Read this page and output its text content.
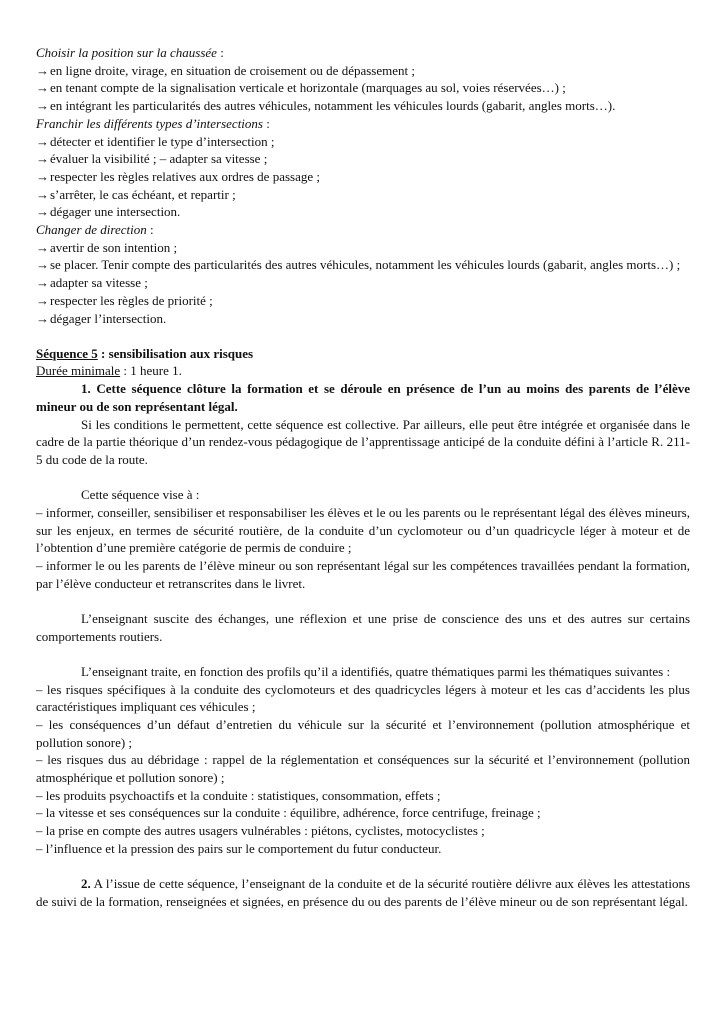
Choisir la position sur la chaussée :

→en ligne droite, virage, en situation de croisement ou de dépassement ;

→en tenant compte de la signalisation verticale et horizontale (marquages au sol, voies réservées…) ;

→en intégrant les particularités des autres véhicules, notamment les véhicules lourds (gabarit, angles morts…).

Franchir les différents types d’intersections :

→détecter et identifier le type d’intersection ;

→évaluer la visibilité ; – adapter sa vitesse ;

→respecter les règles relatives aux ordres de passage ;

→s’arrêter, le cas échéant, et repartir ;

→dégager une intersection.

Changer de direction :

→avertir de son intention ;

→se placer. Tenir compte des particularités des autres véhicules, notamment les véhicules lourds (gabarit, angles morts…) ;

→adapter sa vitesse ;

→respecter les règles de priorité ;

→dégager l’intersection.

Séquence 5 : sensibilisation aux risques

Durée minimale : 1 heure 1.

1. Cette séquence clôture la formation et se déroule en présence de l’un au moins des parents de l’élève mineur ou de son représentant légal.

Si les conditions le permettent, cette séquence est collective. Par ailleurs, elle peut être intégrée et organisée dans le cadre de la partie théorique d’un rendez-vous pédagogique de l’apprentissage anticipé de la conduite défini à l’article R. 211-5 du code de la route.

Cette séquence vise à :

– informer, conseiller, sensibiliser et responsabiliser les élèves et le ou les parents ou le représentant légal des élèves mineurs, sur les enjeux, en termes de sécurité routière, de la conduite d’un cyclomoteur ou d’un quadricycle léger à moteur et de l’obtention d’une première catégorie de permis de conduire ;

– informer le ou les parents de l’élève mineur ou son représentant légal sur les compétences travaillées pendant la formation, par l’élève conducteur et retranscrites dans le livret.

L’enseignant suscite des échanges, une réflexion et une prise de conscience des uns et des autres sur certains comportements routiers.

L’enseignant traite, en fonction des profils qu’il a identifiés, quatre thématiques parmi les thématiques suivantes :

– les risques spécifiques à la conduite des cyclomoteurs et des quadricycles légers à moteur et les cas d’accidents les plus caractéristiques impliquant ces véhicules ;

– les conséquences d’un défaut d’entretien du véhicule sur la sécurité et l’environnement (pollution atmosphérique et pollution sonore) ;

– les risques dus au débridage : rappel de la réglementation et conséquences sur la sécurité et l’environnement (pollution atmosphérique et pollution sonore) ;

– les produits psychoactifs et la conduite : statistiques, consommation, effets ;

– la vitesse et ses conséquences sur la conduite : équilibre, adhérence, force centrifuge, freinage ;

– la prise en compte des autres usagers vulnérables : piétons, cyclistes, motocyclistes ;

– l’influence et la pression des pairs sur le comportement du futur conducteur.

2. A l’issue de cette séquence, l’enseignant de la conduite et de la sécurité routière délivre aux élèves les attestations de suivi de la formation, renseignées et signées, en présence du ou des parents de l’élève mineur ou de son représentant légal.
